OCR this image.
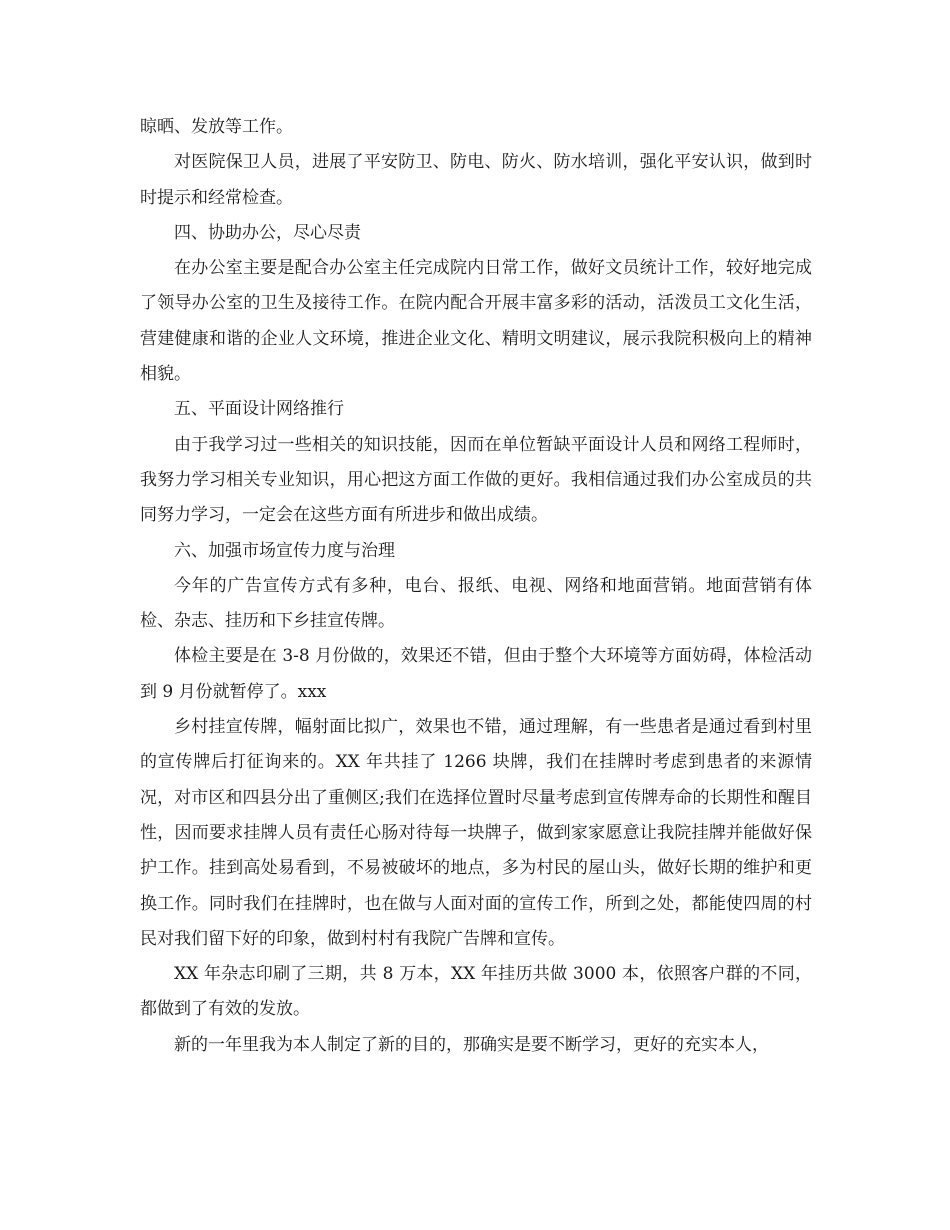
晾晒、发放等工作。

对医院保卫人员，进展了平安防卫、防电、防火、防水培训，强化平安认识，做到时时提示和经常检查。

四、协助办公，尽心尽责

在办公室主要是配合办公室主任完成院内日常工作，做好文员统计工作，较好地完成了领导办公室的卫生及接待工作。在院内配合开展丰富多彩的活动，活泼员工文化生活，营建健康和谐的企业人文环境，推进企业文化、精明文明建议，展示我院积极向上的精神相貌。

五、平面设计网络推行

由于我学习过一些相关的知识技能，因而在单位暂缺平面设计人员和网络工程师时，我努力学习相关专业知识，用心把这方面工作做的更好。我相信通过我们办公室成员的共同努力学习，一定会在这些方面有所进步和做出成绩。

六、加强市场宣传力度与治理

今年的广告宣传方式有多种，电台、报纸、电视、网络和地面营销。地面营销有体检、杂志、挂历和下乡挂宣传牌。

体检主要是在 3-8 月份做的，效果还不错，但由于整个大环境等方面妨碍，体检活动到 9 月份就暂停了。xxx

乡村挂宣传牌，幅射面比拟广，效果也不错，通过理解，有一些患者是通过看到村里的宣传牌后打征询来的。XX 年共挂了 1266 块牌，我们在挂牌时考虑到患者的来源情况，对市区和四县分出了重侧区;我们在选择位置时尽量考虑到宣传牌寿命的长期性和醒目性，因而要求挂牌人员有责任心肠对待每一块牌子，做到家家愿意让我院挂牌并能做好保护工作。挂到高处易看到，不易被破坏的地点，多为村民的屋山头，做好长期的维护和更换工作。同时我们在挂牌时，也在做与人面对面的宣传工作，所到之处，都能使四周的村民对我们留下好的印象，做到村村有我院广告牌和宣传。

XX 年杂志印刷了三期，共 8 万本，XX 年挂历共做 3000 本，依照客户群的不同，都做到了有效的发放。

新的一年里我为本人制定了新的目的，那确实是要不断学习，更好的充实本人，
